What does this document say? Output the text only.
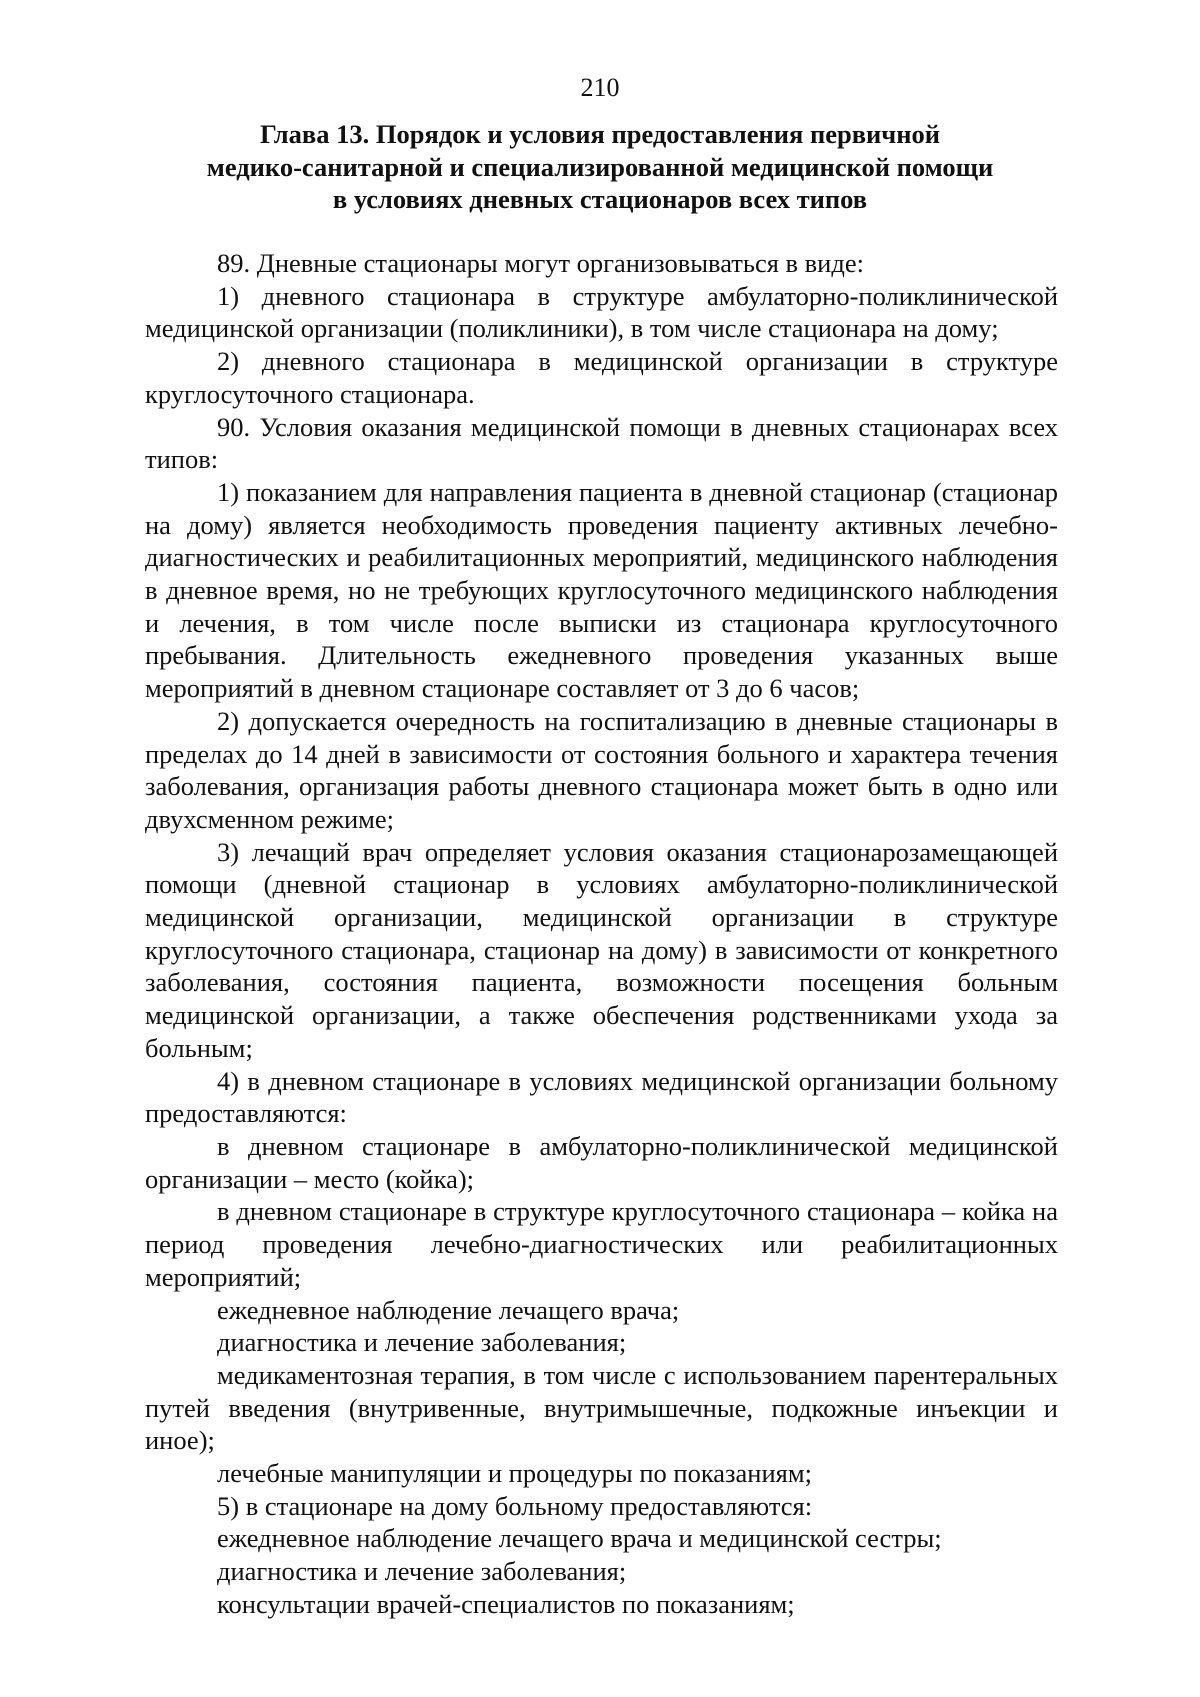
210
Глава 13. Порядок и условия предоставления первичной
медико-санитарной и специализированной медицинской помощи
в условиях дневных стационаров всех типов

89. Дневные стационары могут организовываться в виде:

1) дневного стационара в структуре амбулаторно-поликлинической медицинской организации (поликлиники), в том числе стационара на дому;

2) дневного стационара в медицинской организации в структуре круглосуточного стационара.

90. Условия оказания медицинской помощи в дневных стационарах всех типов:

1) показанием для направления пациента в дневной стационар (стационар на дому) является необходимость проведения пациенту активных лечебно-диагностических и реабилитационных мероприятий, медицинского наблюдения в дневное время, но не требующих круглосуточного медицинского наблюдения и лечения, в том числе после выписки из стационара круглосуточного пребывания. Длительность ежедневного проведения указанных выше мероприятий в дневном стационаре составляет от 3 до 6 часов;

2) допускается очередность на госпитализацию в дневные стационары в пределах до 14 дней в зависимости от состояния больного и характера течения заболевания, организация работы дневного стационара может быть в одно или двухсменном режиме;

3) лечащий врач определяет условия оказания стационарозамещающей помощи (дневной стационар в условиях амбулаторно-поликлинической медицинской организации, медицинской организации в структуре круглосуточного стационара, стационар на дому) в зависимости от конкретного заболевания, состояния пациента, возможности посещения больным медицинской организации, а также обеспечения родственниками ухода за больным;

4) в дневном стационаре в условиях медицинской организации больному предоставляются:

в дневном стационаре в амбулаторно-поликлинической медицинской организации – место (койка);

в дневном стационаре в структуре круглосуточного стационара – койка на период проведения лечебно-диагностических или реабилитационных мероприятий;

ежедневное наблюдение лечащего врача;

диагностика и лечение заболевания;

медикаментозная терапия, в том числе с использованием парентеральных путей введения (внутривенные, внутримышечные, подкожные инъекции и иное);

лечебные манипуляции и процедуры по показаниям;

5) в стационаре на дому больному предоставляются:

ежедневное наблюдение лечащего врача и медицинской сестры;

диагностика и лечение заболевания;

консультации врачей-специалистов по показаниям;
